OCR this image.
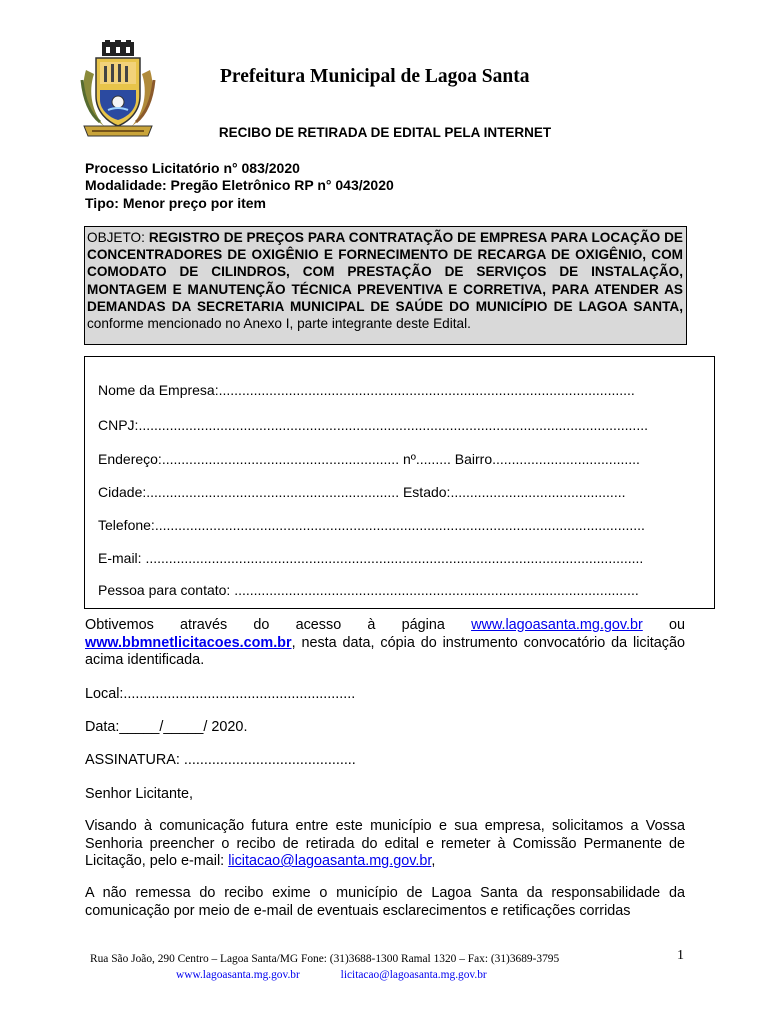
Prefeitura Municipal de Lagoa Santa
RECIBO DE RETIRADA DE EDITAL PELA INTERNET
Processo Licitatório n° 083/2020
Modalidade: Pregão Eletrônico RP n° 043/2020
Tipo: Menor preço por item
OBJETO: REGISTRO DE PREÇOS PARA CONTRATAÇÃO DE EMPRESA PARA LOCAÇÃO DE CONCENTRADORES DE OXIGÊNIO E FORNECIMENTO DE RECARGA DE OXIGÊNIO, COM COMODATO DE CILINDROS, COM PRESTAÇÃO DE SERVIÇOS DE INSTALAÇÃO, MONTAGEM E MANUTENÇÃO TÉCNICA PREVENTIVA E CORRETIVA, PARA ATENDER AS DEMANDAS DA SECRETARIA MUNICIPAL DE SAÚDE DO MUNICÍPIO DE LAGOA SANTA, conforme mencionado no Anexo I, parte integrante deste Edital.
Nome da Empresa:...........................................................................................................
CNPJ:...................................................................................................................................
Endereço:............................................................. nº......... Bairro......................................
Cidade:................................................................. Estado:.............................................
Telefone:..............................................................................................................................
E-mail: ................................................................................................................................
Pessoa para contato: ........................................................................................................
Obtivemos através do acesso à página www.lagoasanta.mg.gov.br ou
www.bbmnetlicitacoes.com.br, nesta data, cópia do instrumento convocatório da licitação acima identificada.
Local:..........................................................
Data:_____/_____/ 2020.
ASSINATURA: ...........................................
Senhor Licitante,
Visando à comunicação futura entre este município e sua empresa, solicitamos a Vossa Senhoria preencher o recibo de retirada do edital e remeter à Comissão Permanente de Licitação, pelo e-mail: licitacao@lagoasanta.mg.gov.br,
A não remessa do recibo exime o município de Lagoa Santa da responsabilidade da comunicação por meio de e-mail de eventuais esclarecimentos e retificações corridas
Rua São João, 290 Centro – Lagoa Santa/MG Fone: (31)3688-1300 Ramal 1320 – Fax: (31)3689-3795
www.lagoasanta.mg.gov.br	licitacao@lagoasanta.mg.gov.br
1
